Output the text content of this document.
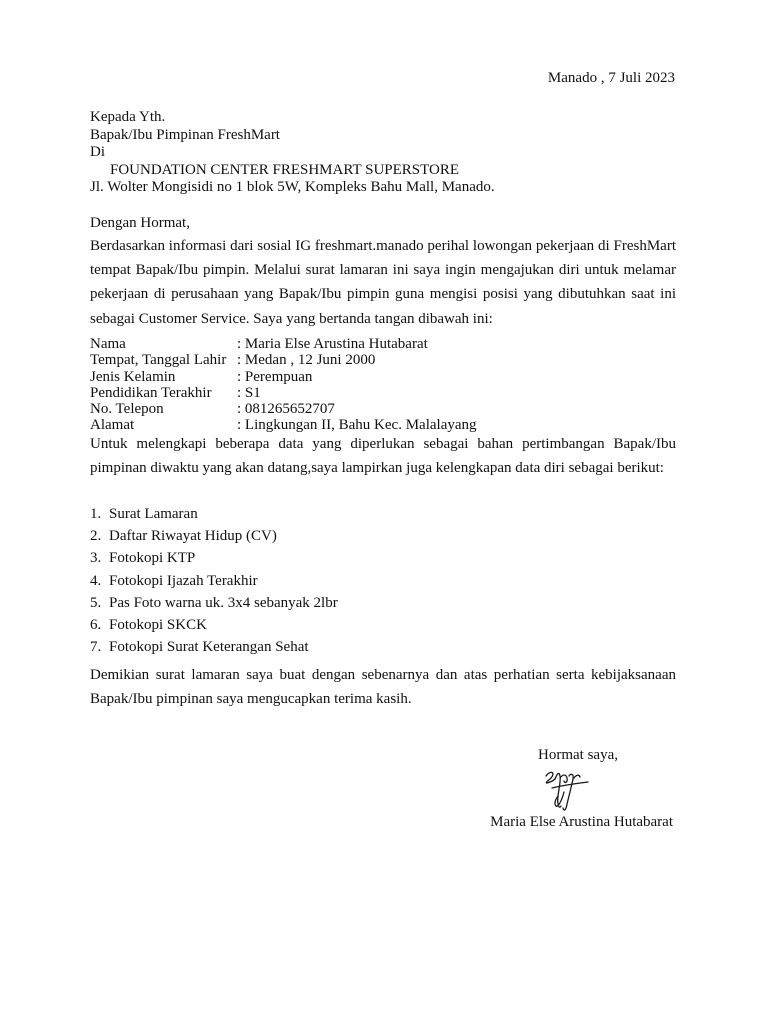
Manado , 7 Juli 2023
Kepada Yth.
Bapak/Ibu Pimpinan FreshMart
Di
FOUNDATION CENTER FRESHMART SUPERSTORE
Jl. Wolter Mongisidi no 1 blok 5W, Kompleks Bahu Mall, Manado.
Dengan Hormat,
Berdasarkan informasi dari sosial IG freshmart.manado perihal lowongan pekerjaan di FreshMart tempat Bapak/Ibu pimpin. Melalui surat lamaran ini saya ingin mengajukan diri untuk melamar pekerjaan di perusahaan yang Bapak/Ibu pimpin guna mengisi posisi yang dibutuhkan saat ini sebagai Customer Service. Saya yang bertanda tangan dibawah ini:
Nama	: Maria Else Arustina Hutabarat
Tempat, Tanggal Lahir : Medan , 12 Juni 2000
Jenis Kelamin	: Perempuan
Pendidikan Terakhir	: S1
No. Telepon	: 081265652707
Alamat	: Lingkungan II, Bahu Kec. Malalayang
Untuk melengkapi beberapa data yang diperlukan sebagai bahan pertimbangan Bapak/Ibu pimpinan diwaktu yang akan datang,saya lampirkan juga kelengkapan data diri sebagai berikut:
1. Surat Lamaran
2. Daftar Riwayat Hidup (CV)
3. Fotokopi KTP
4. Fotokopi Ijazah Terakhir
5. Pas Foto warna uk. 3x4 sebanyak 2lbr
6. Fotokopi SKCK
7. Fotokopi Surat Keterangan Sehat
Demikian surat lamaran saya buat dengan sebenarnya dan atas perhatian serta kebijaksanaan Bapak/Ibu pimpinan saya mengucapkan terima kasih.
Hormat saya,
Maria Else Arustina Hutabarat
